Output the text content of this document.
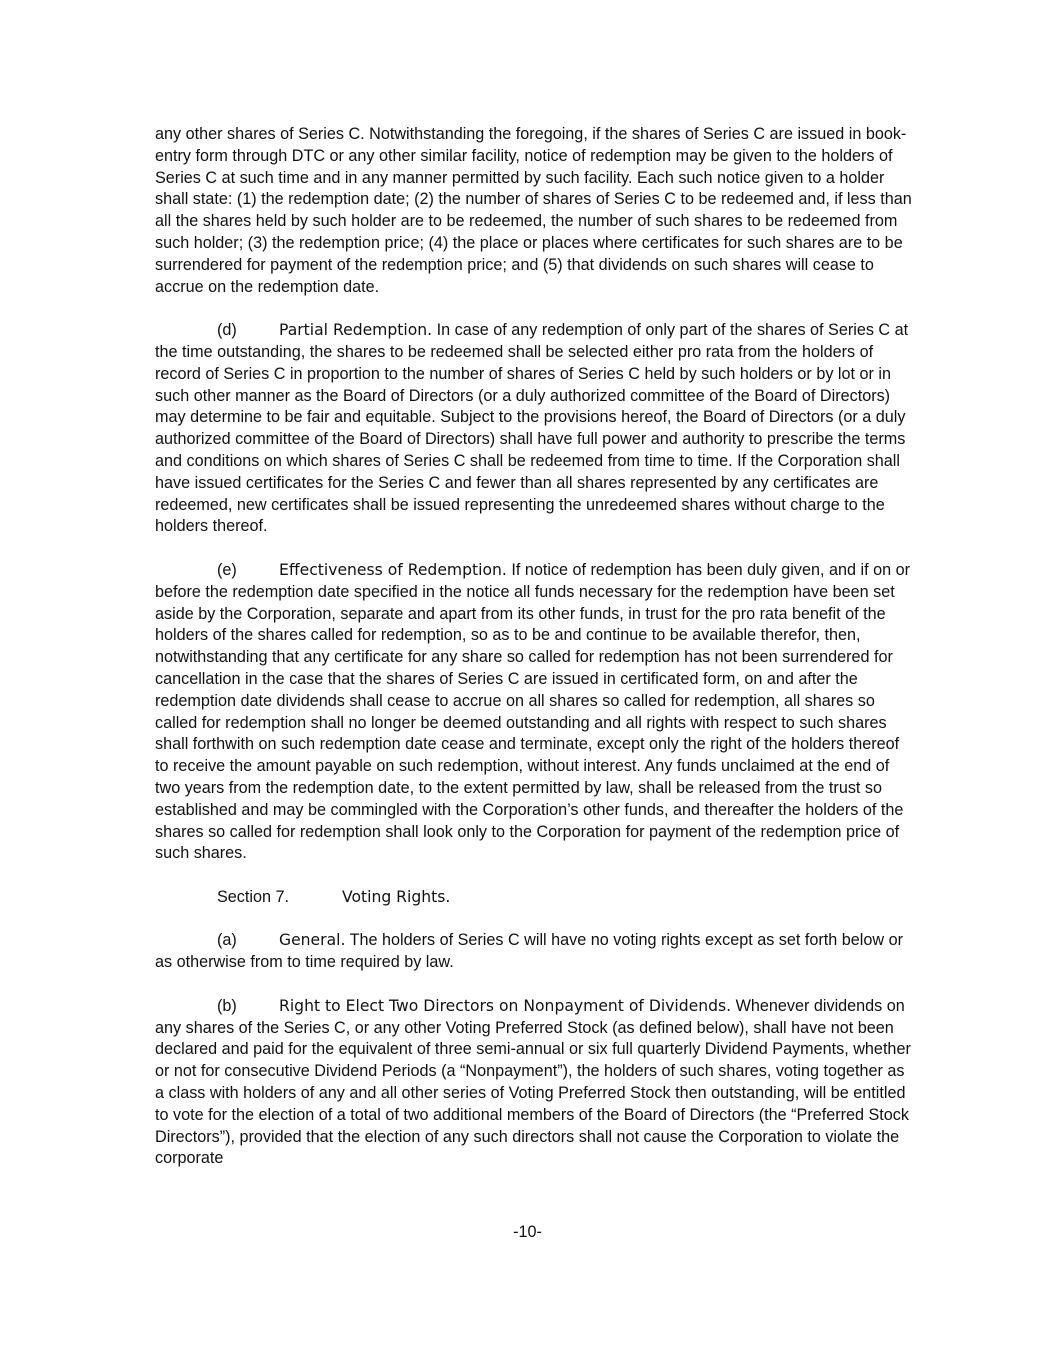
any other shares of Series C. Notwithstanding the foregoing, if the shares of Series C are issued in book-entry form through DTC or any other similar facility, notice of redemption may be given to the holders of Series C at such time and in any manner permitted by such facility. Each such notice given to a holder shall state: (1) the redemption date; (2) the number of shares of Series C to be redeemed and, if less than all the shares held by such holder are to be redeemed, the number of such shares to be redeemed from such holder; (3) the redemption price; (4) the place or places where certificates for such shares are to be surrendered for payment of the redemption price; and (5) that dividends on such shares will cease to accrue on the redemption date.

(d)	Partial Redemption. In case of any redemption of only part of the shares of Series C at the time outstanding, the shares to be redeemed shall be selected either pro rata from the holders of record of Series C in proportion to the number of shares of Series C held by such holders or by lot or in such other manner as the Board of Directors (or a duly authorized committee of the Board of Directors) may determine to be fair and equitable. Subject to the provisions hereof, the Board of Directors (or a duly authorized committee of the Board of Directors) shall have full power and authority to prescribe the terms and conditions on which shares of Series C shall be redeemed from time to time. If the Corporation shall have issued certificates for the Series C and fewer than all shares represented by any certificates are redeemed, new certificates shall be issued representing the unredeemed shares without charge to the holders thereof.

(e)	Effectiveness of Redemption. If notice of redemption has been duly given, and if on or before the redemption date specified in the notice all funds necessary for the redemption have been set aside by the Corporation, separate and apart from its other funds, in trust for the pro rata benefit of the holders of the shares called for redemption, so as to be and continue to be available therefor, then, notwithstanding that any certificate for any share so called for redemption has not been surrendered for cancellation in the case that the shares of Series C are issued in certificated form, on and after the redemption date dividends shall cease to accrue on all shares so called for redemption, all shares so called for redemption shall no longer be deemed outstanding and all rights with respect to such shares shall forthwith on such redemption date cease and terminate, except only the right of the holders thereof to receive the amount payable on such redemption, without interest. Any funds unclaimed at the end of two years from the redemption date, to the extent permitted by law, shall be released from the trust so established and may be commingled with the Corporation’s other funds, and thereafter the holders of the shares so called for redemption shall look only to the Corporation for payment of the redemption price of such shares.

Section 7.	Voting Rights.

(a)	General. The holders of Series C will have no voting rights except as set forth below or as otherwise from to time required by law.

(b)	Right to Elect Two Directors on Nonpayment of Dividends. Whenever dividends on any shares of the Series C, or any other Voting Preferred Stock (as defined below), shall have not been declared and paid for the equivalent of three semi-annual or six full quarterly Dividend Payments, whether or not for consecutive Dividend Periods (a “Nonpayment”), the holders of such shares, voting together as a class with holders of any and all other series of Voting Preferred Stock then outstanding, will be entitled to vote for the election of a total of two additional members of the Board of Directors (the “Preferred Stock Directors”), provided that the election of any such directors shall not cause the Corporation to violate the corporate

-10-
